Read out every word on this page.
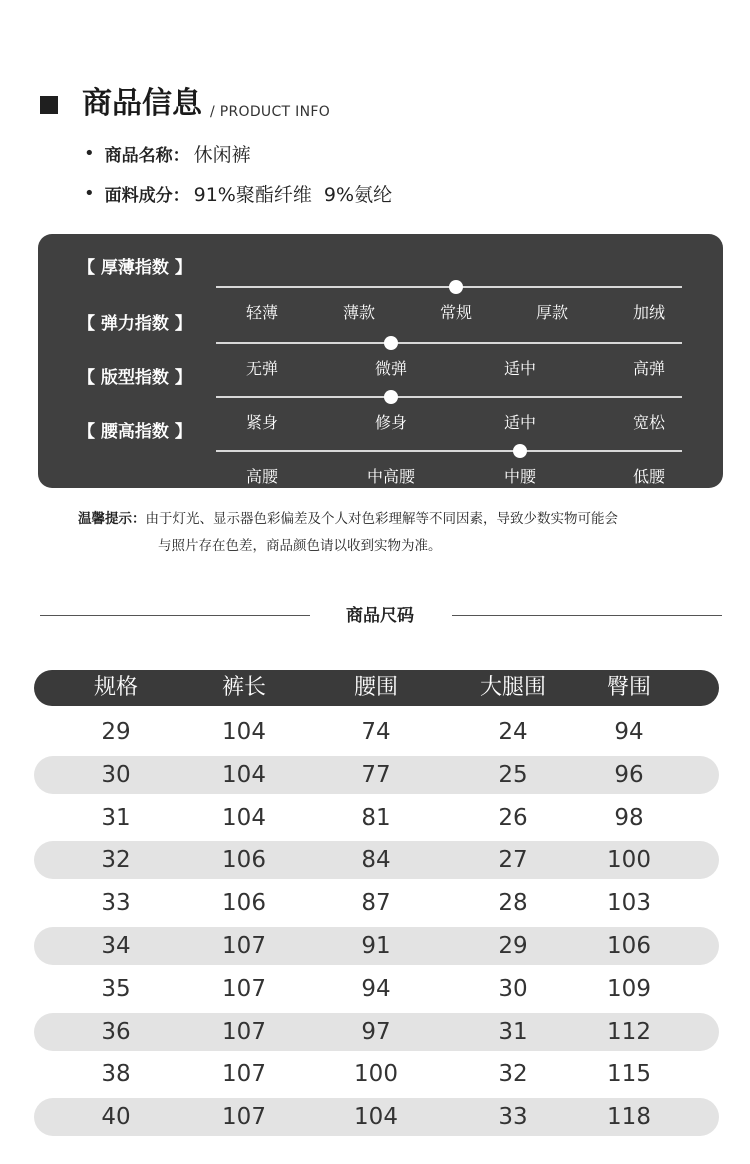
商品信息 / PRODUCT INFO
• 商品名称： 休闲裤
• 面料成分： 91%聚酯纤维  9%氨纶
【 厚薄指数 】
轻薄	薄款	常规	厚款	加绒
【 弹力指数 】
无弹	微弹	适中	高弹
【 版型指数 】
紧身	修身	适中	宽松
【 腰高指数 】
高腰	中高腰	中腰	低腰
温馨提示：由于灯光、显示器色彩偏差及个人对色彩理解等不同因素，导致少数实物可能会
与照片存在色差，商品颜色请以收到实物为准。
商品尺码
规格	裤长	腰围	大腿围	臀围
29	104	74	24	94
30	104	77	25	96
31	104	81	26	98
32	106	84	27	100
33	106	87	28	103
34	107	91	29	106
35	107	94	30	109
36	107	97	31	112
38	107	100	32	115
40	107	104	33	118
